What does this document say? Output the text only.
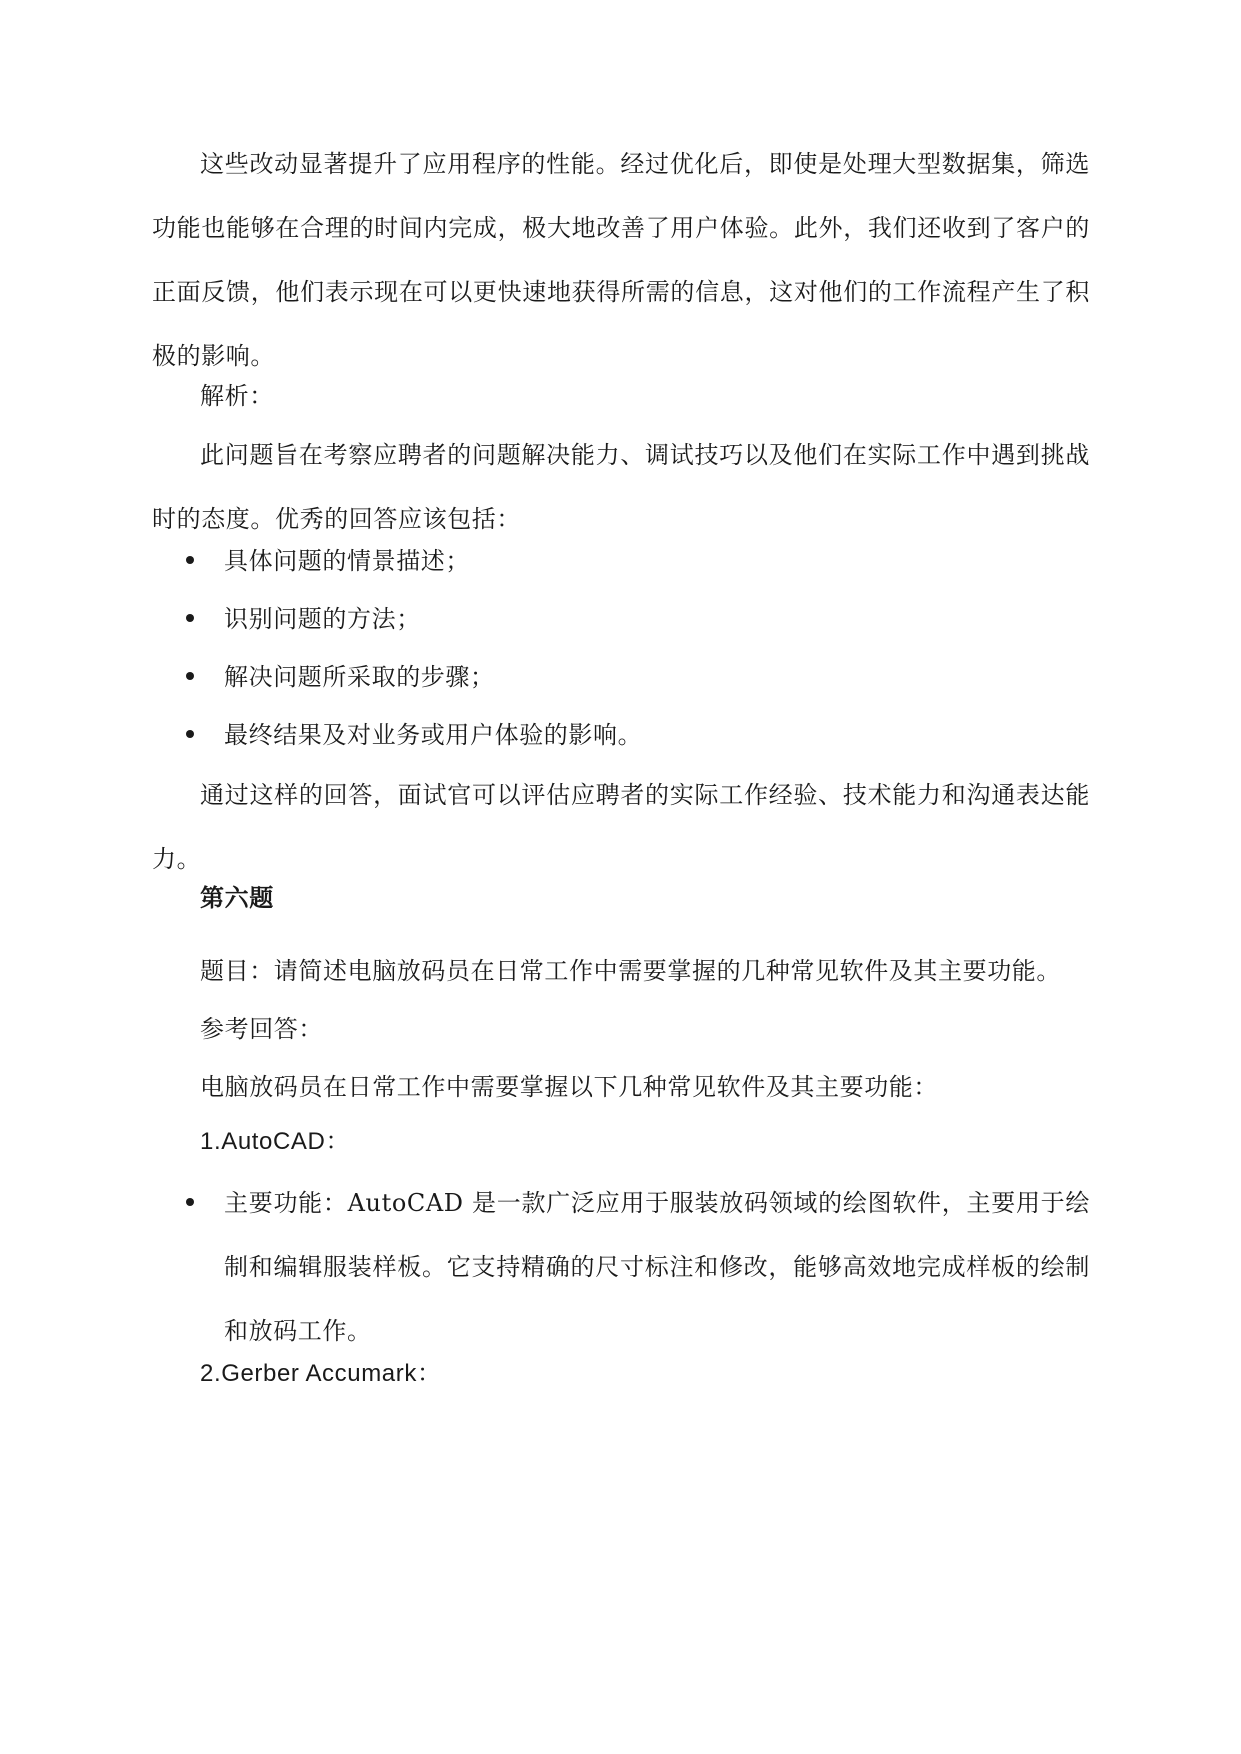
这些改动显著提升了应用程序的性能。经过优化后，即使是处理大型数据集，筛选功能也能够在合理的时间内完成，极大地改善了用户体验。此外，我们还收到了客户的正面反馈，他们表示现在可以更快速地获得所需的信息，这对他们的工作流程产生了积极的影响。

解析：

此问题旨在考察应聘者的问题解决能力、调试技巧以及他们在实际工作中遇到挑战时的态度。优秀的回答应该包括：

具体问题的情景描述；
识别问题的方法；
解决问题所采取的步骤；
最终结果及对业务或用户体验的影响。

通过这样的回答，面试官可以评估应聘者的实际工作经验、技术能力和沟通表达能力。

第六题

题目：请简述电脑放码员在日常工作中需要掌握的几种常见软件及其主要功能。

参考回答：

电脑放码员在日常工作中需要掌握以下几种常见软件及其主要功能：

1.AutoCAD：
主要功能：AutoCAD 是一款广泛应用于服装放码领域的绘图软件，主要用于绘制和编辑服装样板。它支持精确的尺寸标注和修改，能够高效地完成样板的绘制和放码工作。
2.Gerber Accumark：
